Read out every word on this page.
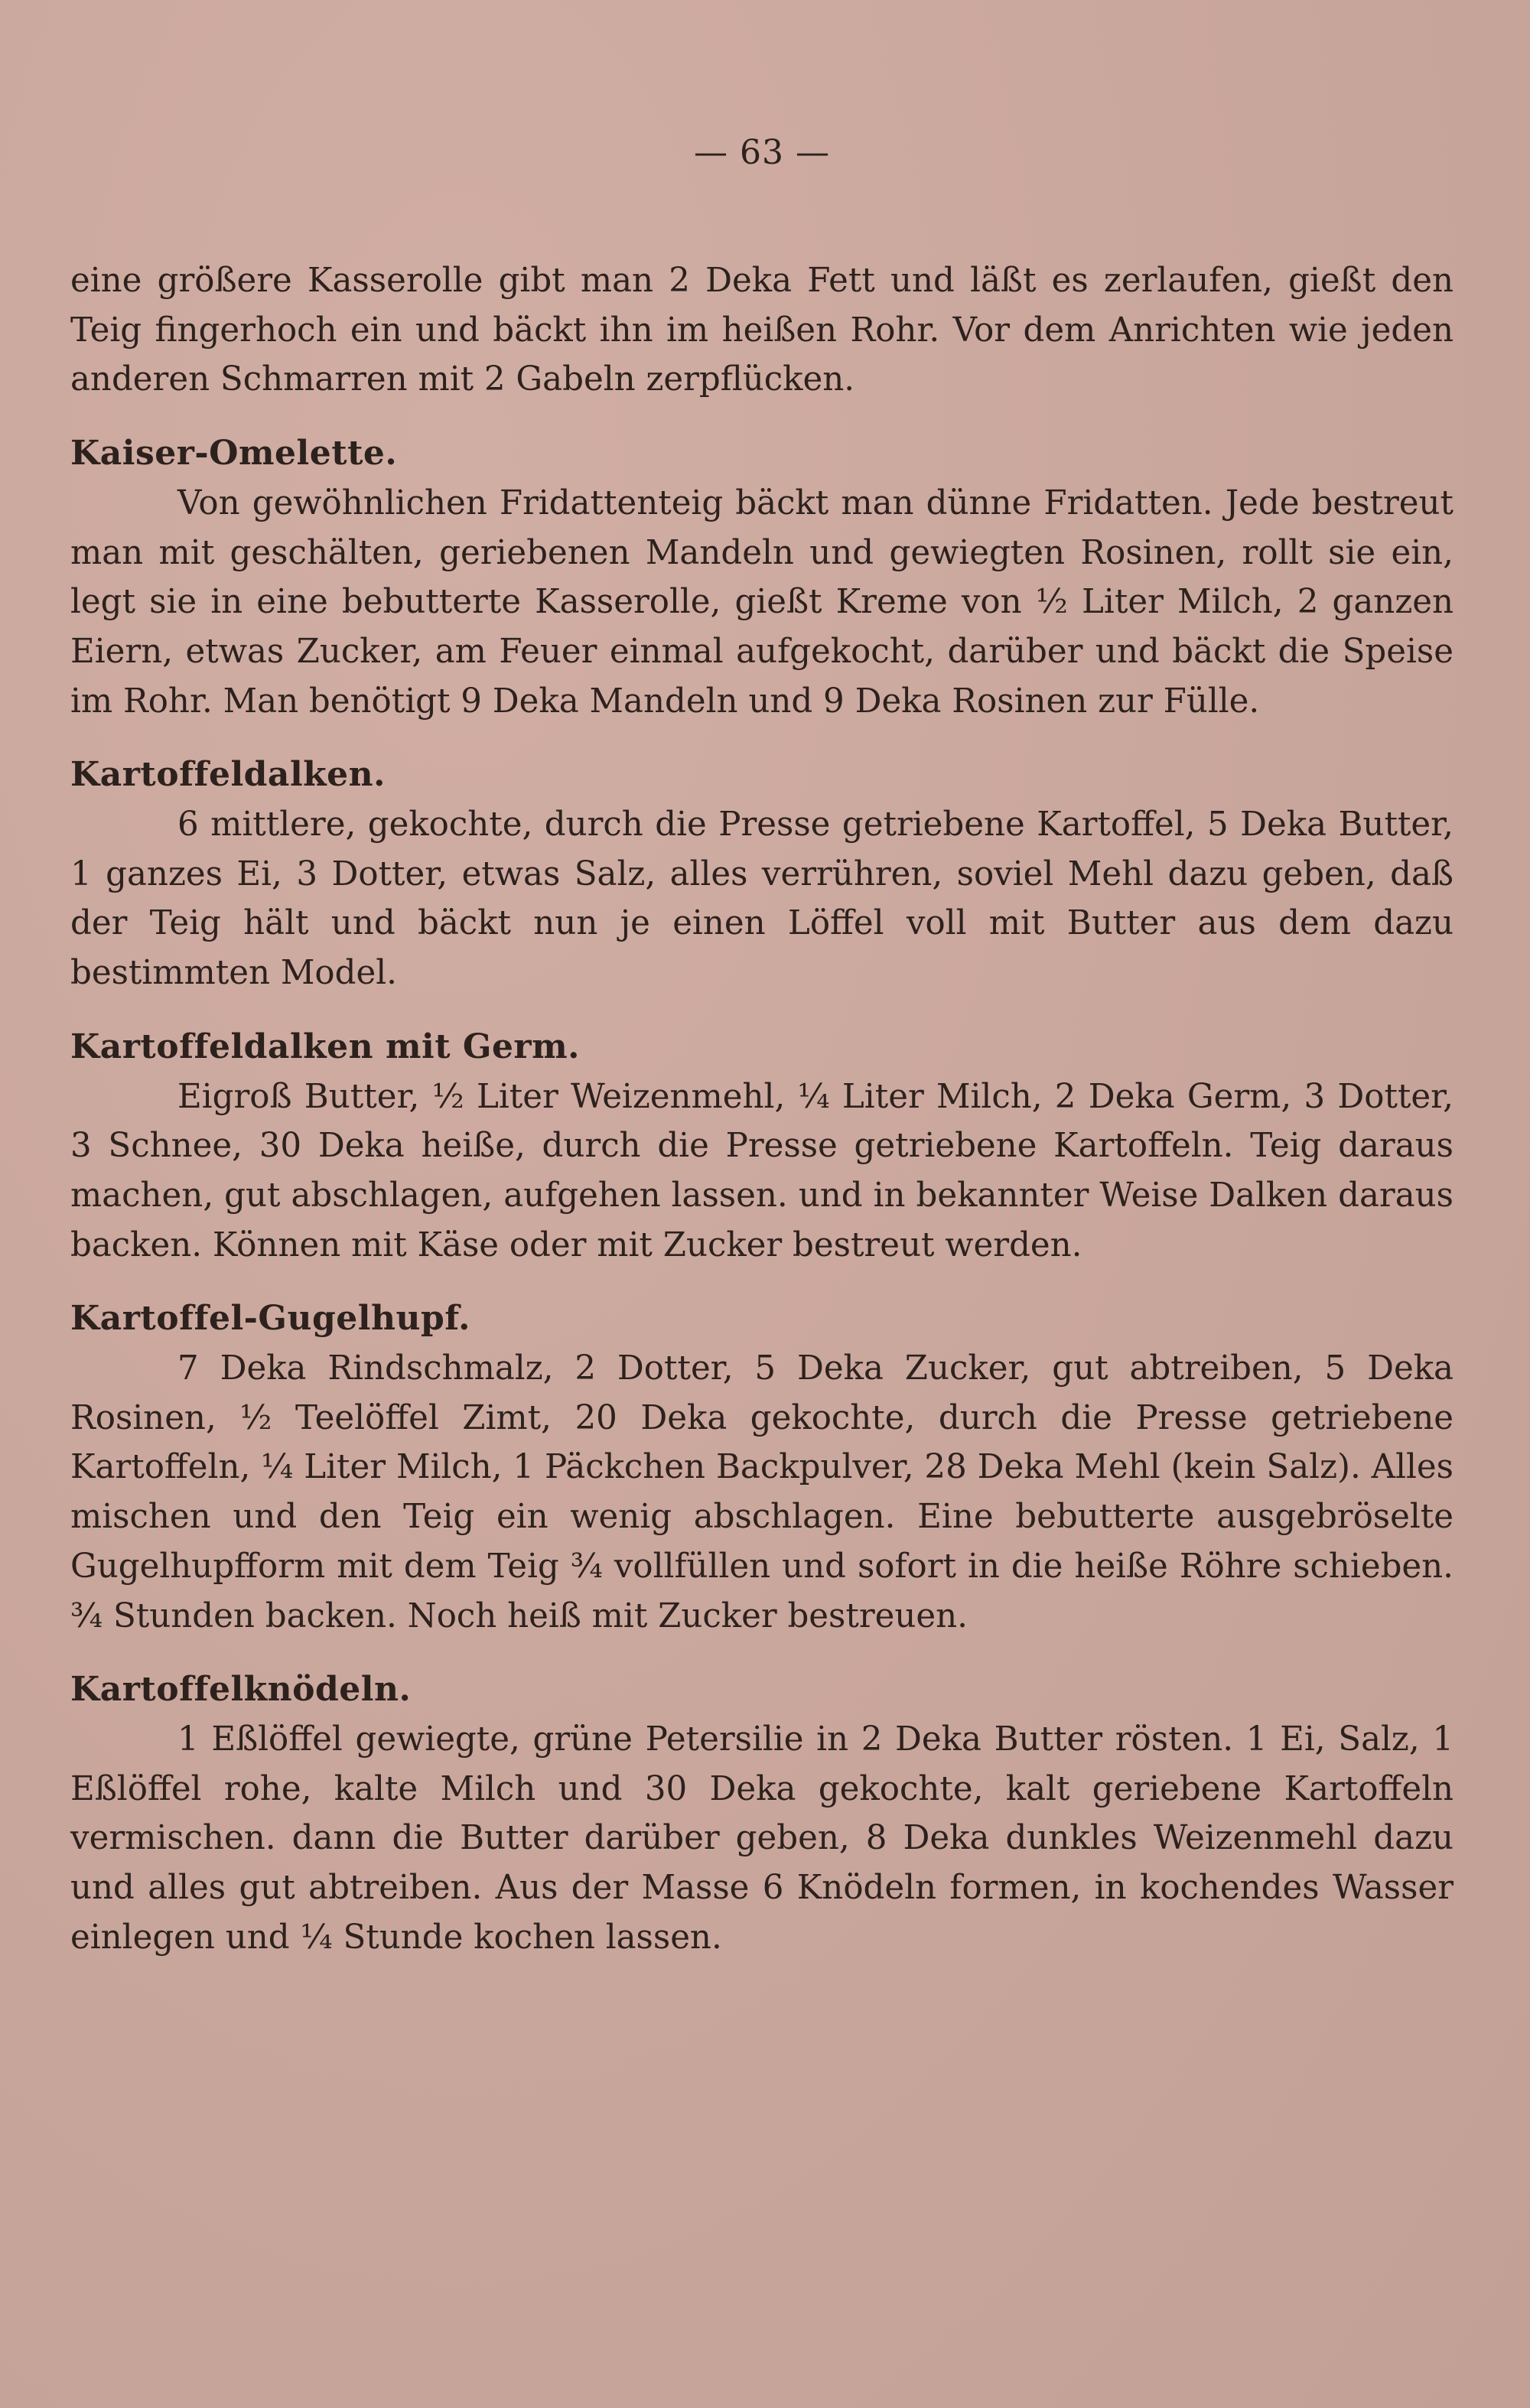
— 63 —

eine größere Kasserolle gibt man 2 Deka Fett und läßt es zerlaufen, gießt den Teig fingerhoch ein und bäckt ihn im heißen Rohr. Vor dem Anrichten wie jeden anderen Schmarren mit 2 Gabeln zerpflücken.

Kaiser-Omelette.

Von gewöhnlichen Fridattenteig bäckt man dünne Fridatten. Jede bestreut man mit geschälten, geriebenen Mandeln und gewiegten Rosinen, rollt sie ein, legt sie in eine bebutterte Kasserolle, gießt Kreme von ½ Liter Milch, 2 ganzen Eiern, etwas Zucker, am Feuer einmal aufgekocht, darüber und bäckt die Speise im Rohr. Man benötigt 9 Deka Mandeln und 9 Deka Rosinen zur Fülle.

Kartoffeldalken.

6 mittlere, gekochte, durch die Presse getriebene Kartoffel, 5 Deka Butter, 1 ganzes Ei, 3 Dotter, etwas Salz, alles verrühren, soviel Mehl dazu geben, daß der Teig hält und bäckt nun je einen Löffel voll mit Butter aus dem dazu bestimmten Model.

Kartoffeldalken mit Germ.

Eigroß Butter, ½ Liter Weizenmehl, ¼ Liter Milch, 2 Deka Germ, 3 Dotter, 3 Schnee, 30 Deka heiße, durch die Presse getriebene Kartoffeln. Teig daraus machen, gut abschlagen, aufgehen lassen. und in bekannter Weise Dalken daraus backen. Können mit Käse oder mit Zucker bestreut werden.

Kartoffel-Gugelhupf.

7 Deka Rindschmalz, 2 Dotter, 5 Deka Zucker, gut abtreiben, 5 Deka Rosinen, ½ Teelöffel Zimt, 20 Deka gekochte, durch die Presse getriebene Kartoffeln, ¼ Liter Milch, 1 Päckchen Backpulver, 28 Deka Mehl (kein Salz). Alles mischen und den Teig ein wenig abschlagen. Eine bebutterte ausgebröselte Gugelhupfform mit dem Teig ¾ vollfüllen und sofort in die heiße Röhre schieben. ¾ Stunden backen. Noch heiß mit Zucker bestreuen.

Kartoffelknödeln.

1 Eßlöffel gewiegte, grüne Petersilie in 2 Deka Butter rösten. 1 Ei, Salz, 1 Eßlöffel rohe, kalte Milch und 30 Deka gekochte, kalt geriebene Kartoffeln vermischen. dann die Butter darüber geben, 8 Deka dunkles Weizenmehl dazu und alles gut abtreiben. Aus der Masse 6 Knödeln formen, in kochendes Wasser einlegen und ¼ Stunde kochen lassen.
